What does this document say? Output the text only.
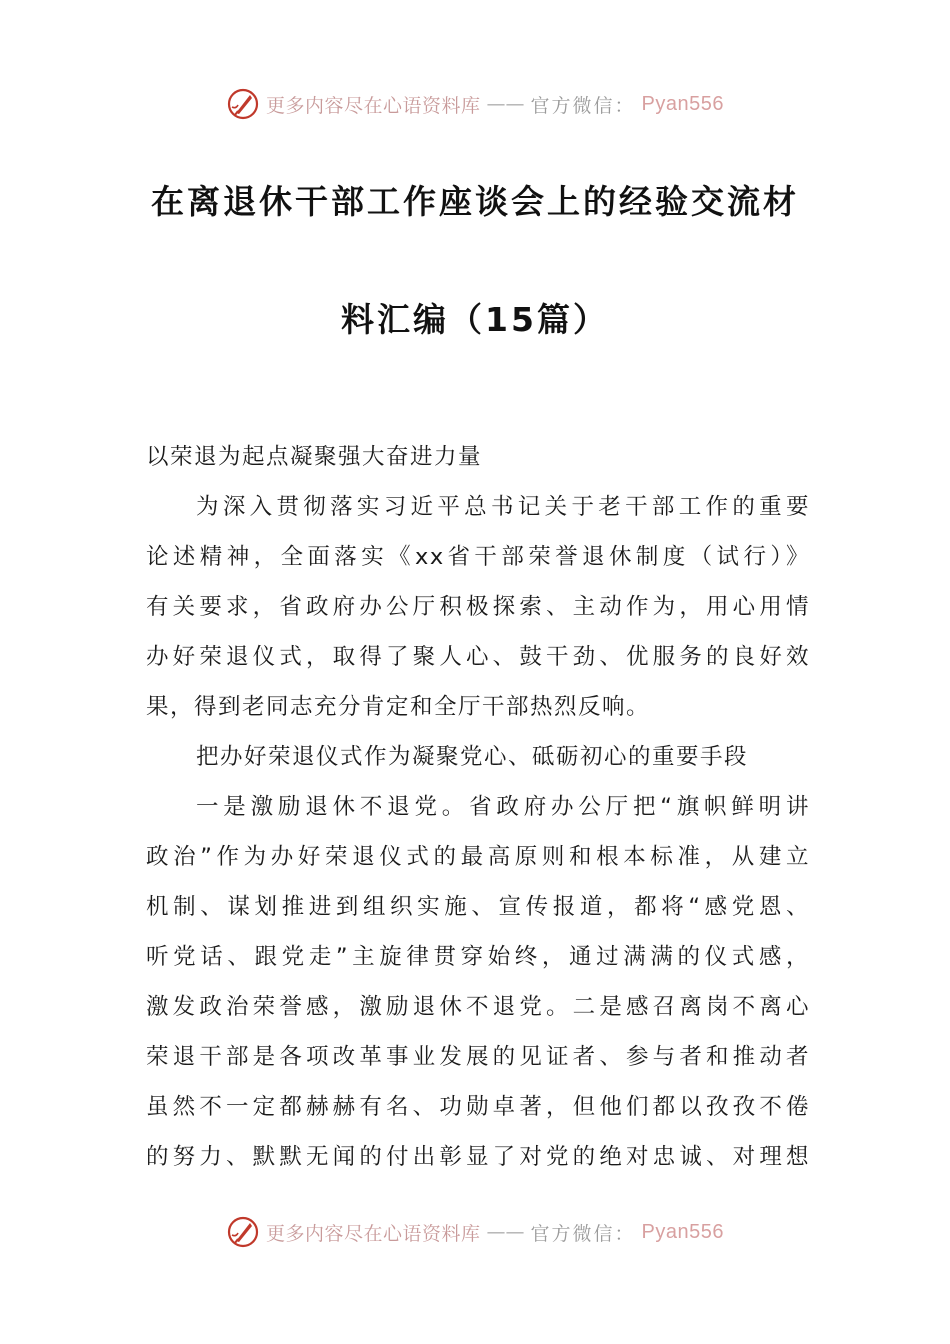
更多内容尽在心语资料库 —— 官方微信： Pyan556
在离退休干部工作座谈会上的经验交流材
料汇编（15篇）
以荣退为起点凝聚强大奋进力量
为深入贯彻落实习近平总书记关于老干部工作的重要
论述精神，全面落实《xx省干部荣誉退休制度（试行）》
有关要求，省政府办公厅积极探索、主动作为，用心用情
办好荣退仪式，取得了聚人心、鼓干劲、优服务的良好效
果，得到老同志充分肯定和全厅干部热烈反响。
把办好荣退仪式作为凝聚党心、砥砺初心的重要手段
一是激励退休不退党。省政府办公厅把“旗帜鲜明讲
政治”作为办好荣退仪式的最高原则和根本标准，从建立
机制、谋划推进到组织实施、宣传报道，都将“感党恩、
听党话、跟党走”主旋律贯穿始终，通过满满的仪式感，
激发政治荣誉感，激励退休不退党。二是感召离岗不离心
荣退干部是各项改革事业发展的见证者、参与者和推动者
虽然不一定都赫赫有名、功勋卓著，但他们都以孜孜不倦
的努力、默默无闻的付出彰显了对党的绝对忠诚、对理想
更多内容尽在心语资料库 —— 官方微信： Pyan556
